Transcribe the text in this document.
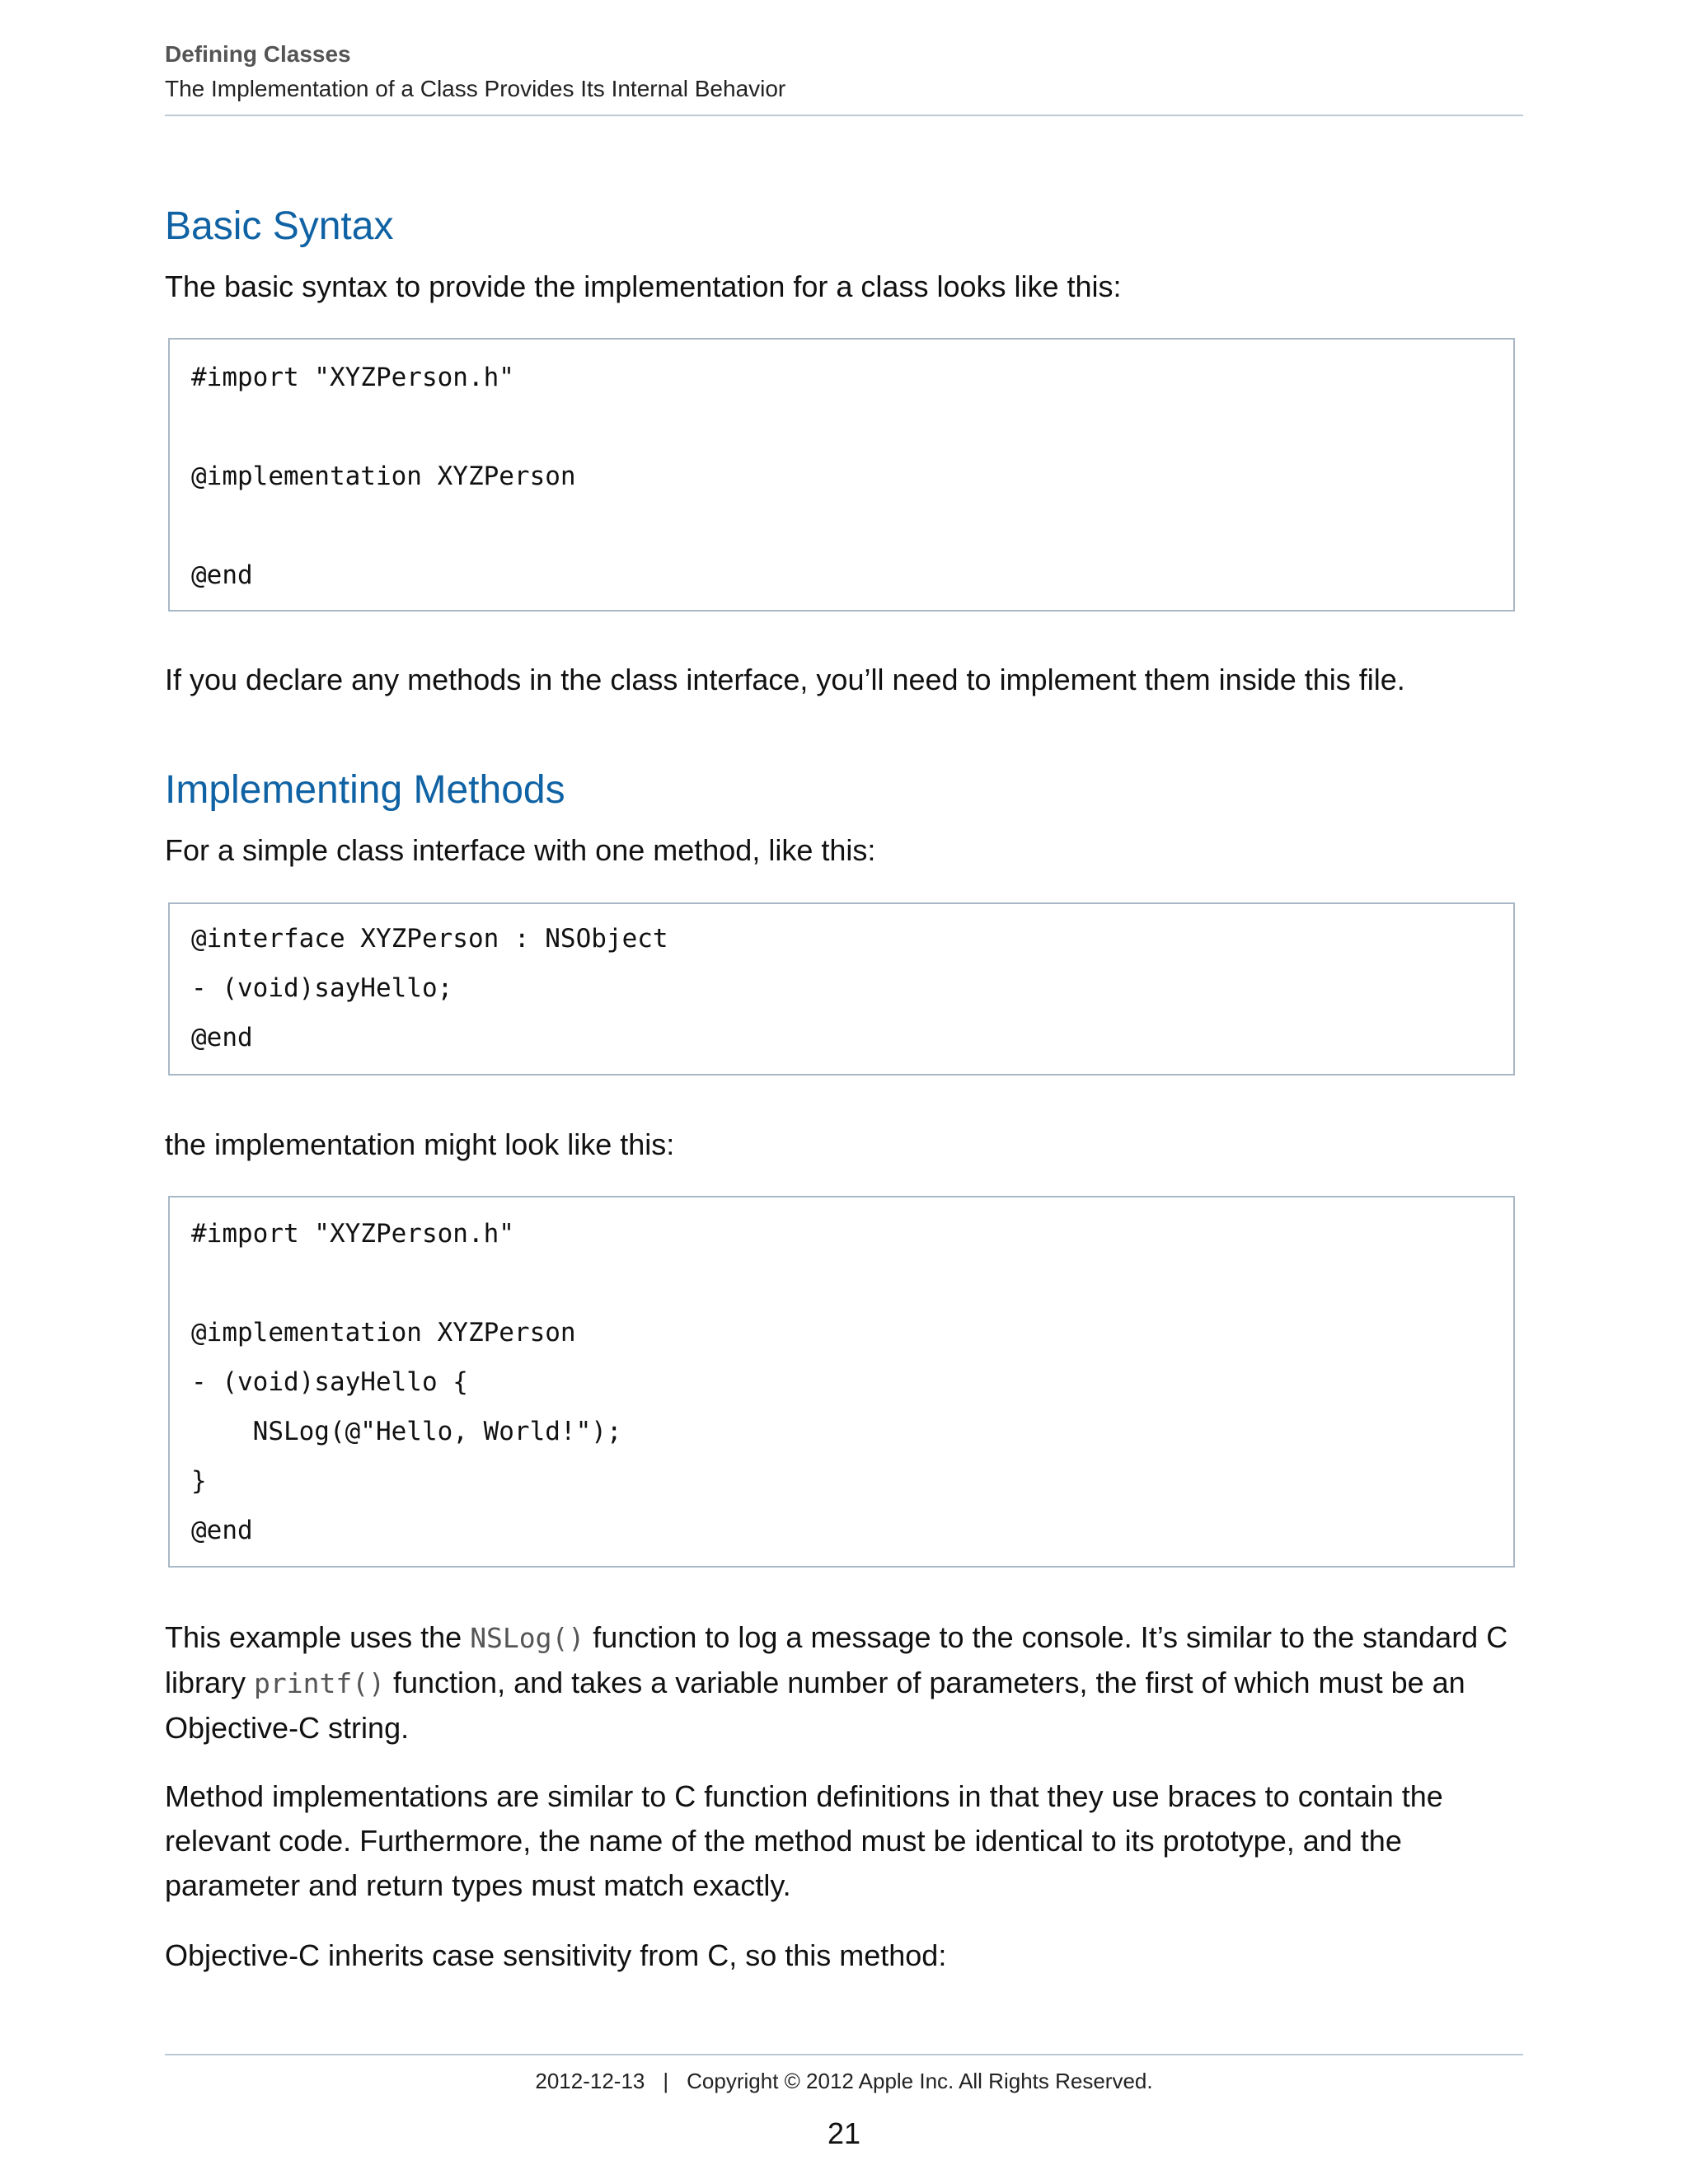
Defining Classes
The Implementation of a Class Provides Its Internal Behavior
Basic Syntax

The basic syntax to provide the implementation for a class looks like this:

#import "XYZPerson.h"
@implementation XYZPerson
@end

If you declare any methods in the class interface, you’ll need to implement them inside this file.

Implementing Methods

For a simple class interface with one method, like this:

@interface XYZPerson : NSObject
- (void)sayHello;
@end

the implementation might look like this:

#import "XYZPerson.h"
@implementation XYZPerson
- (void)sayHello {
NSLog(@"Hello, World!");
}
@end

This example uses the NSLog() function to log a message to the console. It’s similar to the standard C library printf() function, and takes a variable number of parameters, the first of which must be an Objective-C string.

Method implementations are similar to C function definitions in that they use braces to contain the relevant code. Furthermore, the name of the method must be identical to its prototype, and the parameter and return types must match exactly.

Objective-C inherits case sensitivity from C, so this method:

2012-12-13 | Copyright © 2012 Apple Inc. All Rights Reserved.
21
